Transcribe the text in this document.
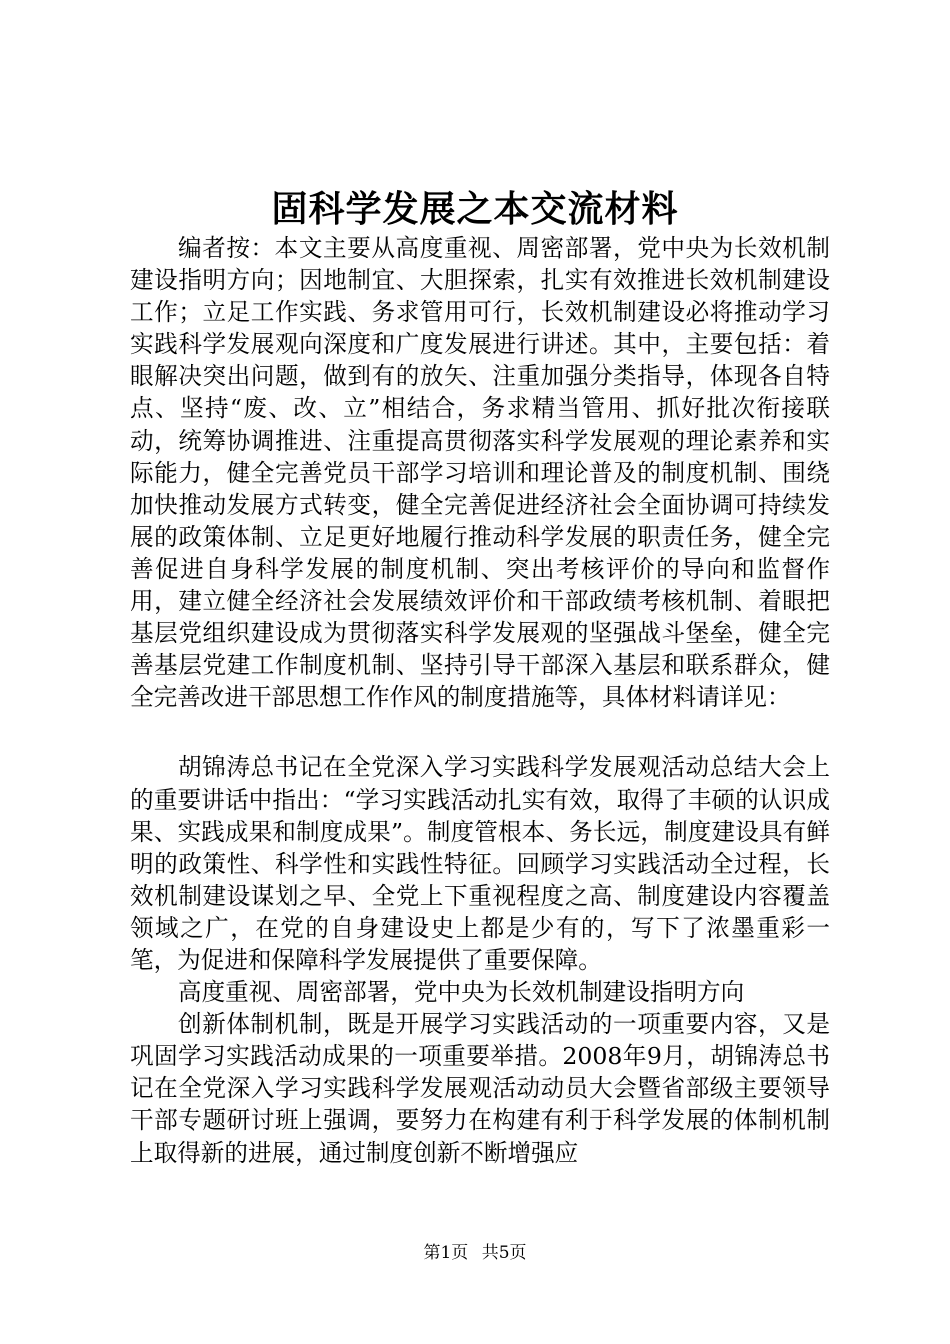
固科学发展之本交流材料

编者按：本文主要从高度重视、周密部署，党中央为长效机制建设指明方向；因地制宜、大胆探索，扎实有效推进长效机制建设工作；立足工作实践、务求管用可行，长效机制建设必将推动学习实践科学发展观向深度和广度发展进行讲述。其中，主要包括：着眼解决突出问题，做到有的放矢、注重加强分类指导，体现各自特点、坚持“废、改、立”相结合，务求精当管用、抓好批次衔接联动，统筹协调推进、注重提高贯彻落实科学发展观的理论素养和实际能力，健全完善党员干部学习培训和理论普及的制度机制、围绕加快推动发展方式转变，健全完善促进经济社会全面协调可持续发展的政策体制、立足更好地履行推动科学发展的职责任务，健全完善促进自身科学发展的制度机制、突出考核评价的导向和监督作用，建立健全经济社会发展绩效评价和干部政绩考核机制、着眼把基层党组织建设成为贯彻落实科学发展观的坚强战斗堡垒，健全完善基层党建工作制度机制、坚持引导干部深入基层和联系群众，健全完善改进干部思想工作作风的制度措施等，具体材料请详见：

胡锦涛总书记在全党深入学习实践科学发展观活动总结大会上的重要讲话中指出：“学习实践活动扎实有效，取得了丰硕的认识成果、实践成果和制度成果”。制度管根本、务长远，制度建设具有鲜明的政策性、科学性和实践性特征。回顾学习实践活动全过程，长效机制建设谋划之早、全党上下重视程度之高、制度建设内容覆盖领域之广，在党的自身建设史上都是少有的，写下了浓墨重彩一笔，为促进和保障科学发展提供了重要保障。

高度重视、周密部署，党中央为长效机制建设指明方向

创新体制机制，既是开展学习实践活动的一项重要内容，又是巩固学习实践活动成果的一项重要举措。2008年9月，胡锦涛总书记在全党深入学习实践科学发展观活动动员大会暨省部级主要领导干部专题研讨班上强调，要努力在构建有利于科学发展的体制机制上取得新的进展，通过制度创新不断增强应

第1页 共5页
